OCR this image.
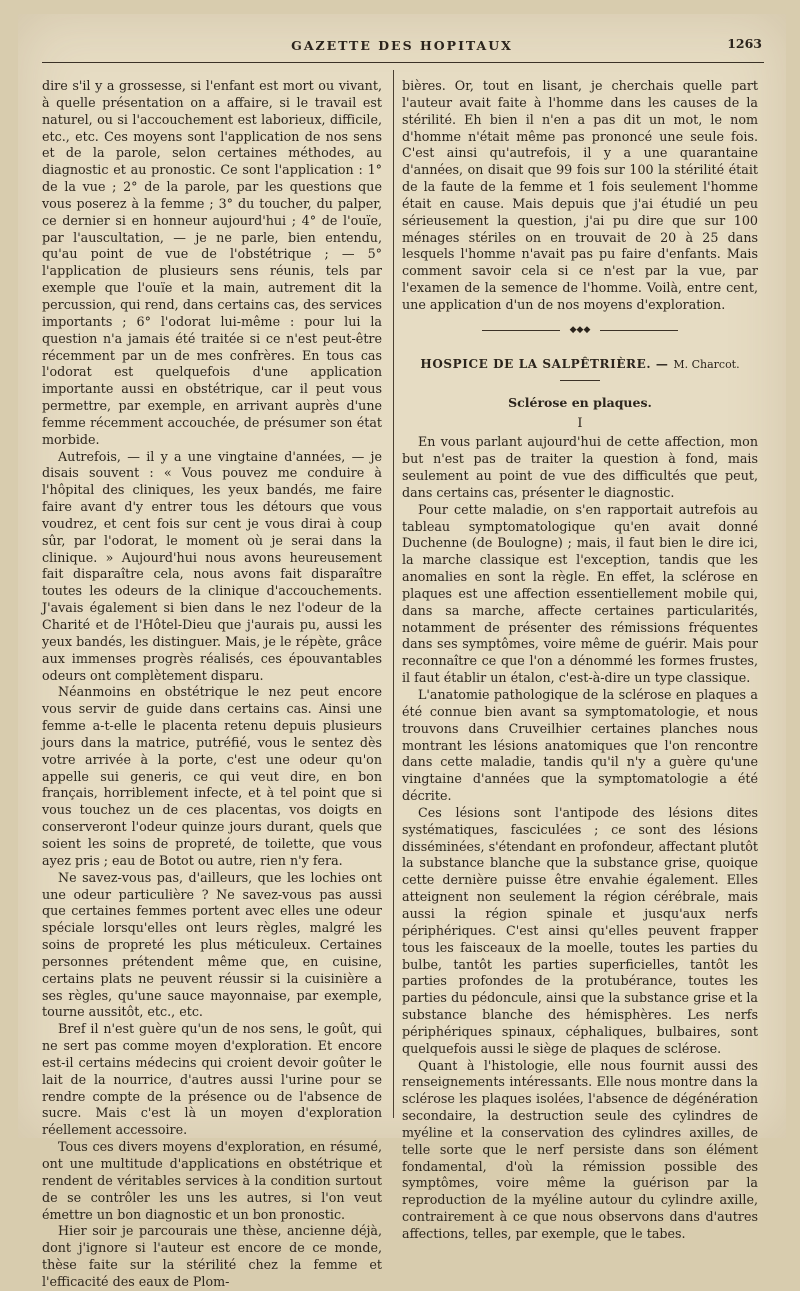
GAZETTE DES HOPITAUX	1263

dire s'il y a grossesse, si l'enfant est mort ou vivant, à quelle présentation on a affaire, si le travail est naturel, ou si l'accouchement est laborieux, difficile, etc., etc. Ces moyens sont l'application de nos sens et de la parole, selon certaines méthodes, au diagnostic et au pronostic. Ce sont l'application : 1° de la vue ; 2° de la parole, par les questions que vous poserez à la femme ; 3° du toucher, du palper, ce dernier si en honneur aujourd'hui ; 4° de l'ouïe, par l'auscultation, — je ne parle, bien entendu, qu'au point de vue de l'obstétrique ; — 5° l'application de plusieurs sens réunis, tels par exemple que l'ouïe et la main, autrement dit la percussion, qui rend, dans certains cas, des services importants ; 6° l'odorat lui-même : pour lui la question n'a jamais été traitée si ce n'est peut-être récemment par un de mes confrères. En tous cas l'odorat est quelquefois d'une application importante aussi en obstétrique, car il peut vous permettre, par exemple, en arrivant auprès d'une femme récemment accouchée, de présumer son état morbide.

Autrefois, — il y a une vingtaine d'années, — je disais souvent : « Vous pouvez me conduire à l'hôpital des cliniques, les yeux bandés, me faire faire avant d'y entrer tous les détours que vous voudrez, et cent fois sur cent je vous dirai à coup sûr, par l'odorat, le moment où je serai dans la clinique. » Aujourd'hui nous avons heureusement fait disparaître cela, nous avons fait disparaître toutes les odeurs de la clinique d'accouchements. J'avais également si bien dans le nez l'odeur de la Charité et de l'Hôtel-Dieu que j'aurais pu, aussi les yeux bandés, les distinguer. Mais, je le répète, grâce aux immenses progrès réalisés, ces épouvantables odeurs ont complètement disparu.

Néanmoins en obstétrique le nez peut encore vous servir de guide dans certains cas. Ainsi une femme a-t-elle le placenta retenu depuis plusieurs jours dans la matrice, putréfié, vous le sentez dès votre arrivée à la porte, c'est une odeur qu'on appelle sui generis, ce qui veut dire, en bon français, horriblement infecte, et à tel point que si vous touchez un de ces placentas, vos doigts en conserveront l'odeur quinze jours durant, quels que soient les soins de propreté, de toilette, que vous ayez pris ; eau de Botot ou autre, rien n'y fera.

Ne savez-vous pas, d'ailleurs, que les lochies ont une odeur particulière ? Ne savez-vous pas aussi que certaines femmes portent avec elles une odeur spéciale lorsqu'elles ont leurs règles, malgré les soins de propreté les plus méticuleux. Certaines personnes prétendent même que, en cuisine, certains plats ne peuvent réussir si la cuisinière a ses règles, qu'une sauce mayonnaise, par exemple, tourne aussitôt, etc., etc.

Bref il n'est guère qu'un de nos sens, le goût, qui ne sert pas comme moyen d'exploration. Et encore est-il certains médecins qui croient devoir goûter le lait de la nourrice, d'autres aussi l'urine pour se rendre compte de la présence ou de l'absence de sucre. Mais c'est là un moyen d'exploration réellement accessoire.

Tous ces divers moyens d'exploration, en résumé, ont une multitude d'applications en obstétrique et rendent de véritables services à la condition surtout de se contrôler les uns les autres, si l'on veut émettre un bon diagnostic et un bon pronostic.

Hier soir je parcourais une thèse, ancienne déjà, dont j'ignore si l'auteur est encore de ce monde, thèse faite sur la stérilité chez la femme et l'efficacité des eaux de Plom-

bières. Or, tout en lisant, je cherchais quelle part l'auteur avait faite à l'homme dans les causes de la stérilité. Eh bien il n'en a pas dit un mot, le nom d'homme n'était même pas prononcé une seule fois. C'est ainsi qu'autrefois, il y a une quarantaine d'années, on disait que 99 fois sur 100 la stérilité était de la faute de la femme et 1 fois seulement l'homme était en cause. Mais depuis que j'ai étudié un peu sérieusement la question, j'ai pu dire que sur 100 ménages stériles on en trouvait de 20 à 25 dans lesquels l'homme n'avait pas pu faire d'enfants. Mais comment savoir cela si ce n'est par la vue, par l'examen de la semence de l'homme. Voilà, entre cent, une application d'un de nos moyens d'exploration.

◆◆◆
HOSPICE DE LA SALPÊTRIÈRE. — M. Charcot.
Sclérose en plaques.
I

En vous parlant aujourd'hui de cette affection, mon but n'est pas de traiter la question à fond, mais seulement au point de vue des difficultés que peut, dans certains cas, présenter le diagnostic.

Pour cette maladie, on s'en rapportait autrefois au tableau symptomatologique qu'en avait donné Duchenne (de Boulogne) ; mais, il faut bien le dire ici, la marche classique est l'exception, tandis que les anomalies en sont la règle. En effet, la sclérose en plaques est une affection essentiellement mobile qui, dans sa marche, affecte certaines particularités, notamment de présenter des rémissions fréquentes dans ses symptômes, voire même de guérir. Mais pour reconnaître ce que l'on a dénommé les formes frustes, il faut établir un étalon, c'est-à-dire un type classique.

L'anatomie pathologique de la sclérose en plaques a été connue bien avant sa symptomatologie, et nous trouvons dans Cruveilhier certaines planches nous montrant les lésions anatomiques que l'on rencontre dans cette maladie, tandis qu'il n'y a guère qu'une vingtaine d'années que la symptomatologie a été décrite.

Ces lésions sont l'antipode des lésions dites systématiques, fasciculées ; ce sont des lésions disséminées, s'étendant en profondeur, affectant plutôt la substance blanche que la substance grise, quoique cette dernière puisse être envahie également. Elles atteignent non seulement la région cérébrale, mais aussi la région spinale et jusqu'aux nerfs périphériques. C'est ainsi qu'elles peuvent frapper tous les faisceaux de la moelle, toutes les parties du bulbe, tantôt les parties superficielles, tantôt les parties profondes de la protubérance, toutes les parties du pédoncule, ainsi que la substance grise et la substance blanche des hémisphères. Les nerfs périphériques spinaux, céphaliques, bulbaires, sont quelquefois aussi le siège de plaques de sclérose.

Quant à l'histologie, elle nous fournit aussi des renseignements intéressants. Elle nous montre dans la sclérose les plaques isolées, l'absence de dégénération secondaire, la destruction seule des cylindres de myéline et la conservation des cylindres axilles, de telle sorte que le nerf persiste dans son élément fondamental, d'où la rémission possible des symptômes, voire même la guérison par la reproduction de la myéline autour du cylindre axille, contrairement à ce que nous observons dans d'autres affections, telles, par exemple, que le tabes.
